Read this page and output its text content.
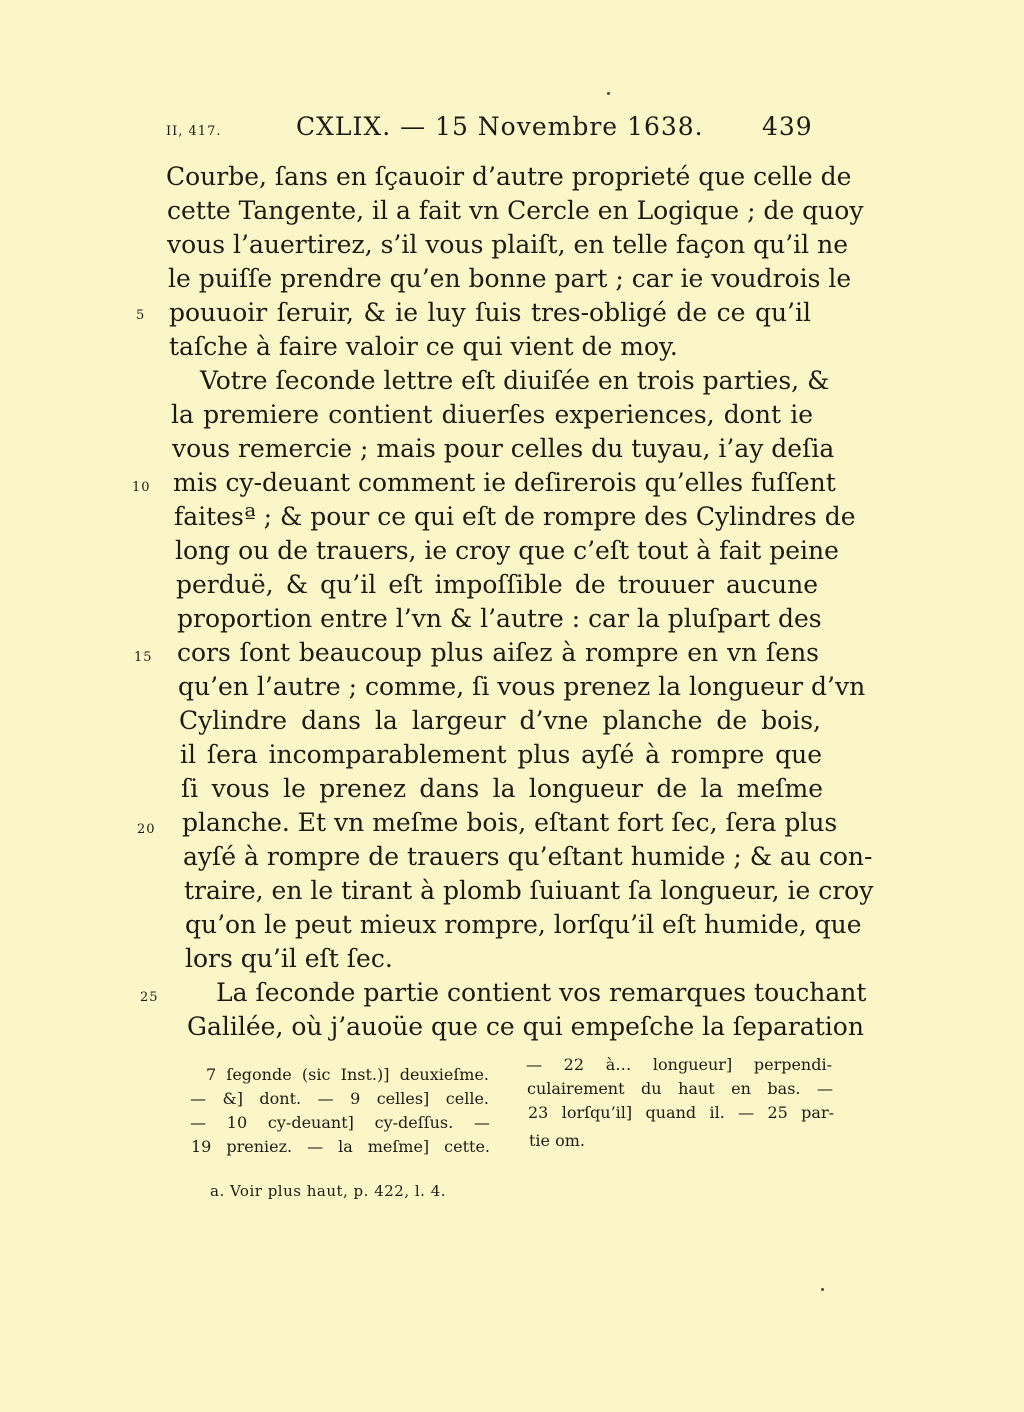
II, 417.	CXLIX. — 15 Novembre 1638. 439
Courbe, ſans en ſçauoir d’autre proprieté que celle de
cette Tangente, il a fait vn Cercle en Logique ; de quoy
vous l’auertirez, s’il vous plaiſt, en telle façon qu’il ne
le puiſſe prendre qu’en bonne part ; car ie voudrois le
pouuoir ſeruir, & ie luy ſuis tres-obligé de ce qu’il
taſche à faire valoir ce qui vient de moy.
Votre ſeconde lettre eſt diuiſée en trois parties, &
la premiere contient diuerſes experiences, dont ie
vous remercie ; mais pour celles du tuyau, i’ay deſia
mis cy-deuant comment ie deſirerois qu’elles fuſſent
faitesª ; & pour ce qui eſt de rompre des Cylindres de
long ou de trauers, ie croy que c’eſt tout à fait peine
perduë, & qu’il eſt impoſſible de trouuer aucune
proportion entre l’vn & l’autre : car la pluſpart des
cors ſont beaucoup plus aiſez à rompre en vn ſens
qu’en l’autre ; comme, ſi vous prenez la longueur d’vn
Cylindre dans la largeur d’vne planche de bois,
il ſera incomparablement plus ayſé à rompre que
ſi vous le prenez dans la longueur de la meſme
planche. Et vn meſme bois, eſtant fort ſec, ſera plus
ayſé à rompre de trauers qu’eſtant humide ; & au con-
traire, en le tirant à plomb ſuiuant ſa longueur, ie croy
qu’on le peut mieux rompre, lorſqu’il eſt humide, que
lors qu’il eſt ſec.
La ſeconde partie contient vos remarques touchant
Galilée, où j’auoüe que ce qui empeſche la ſeparation
5
10
15
20
25
7 ſegonde (sic Inst.)] deuxieſme.
— &] dont. — 9 celles] celle.
— 10 cy-deuant] cy-deſſus. —
19 preniez. — la meſme] cette.
— 22 à… longueur] perpendi-
culairement du haut en bas. —
23 lorſqu’il] quand il. — 25 par-
tie om.
a. Voir plus haut, p. 422, l. 4.
